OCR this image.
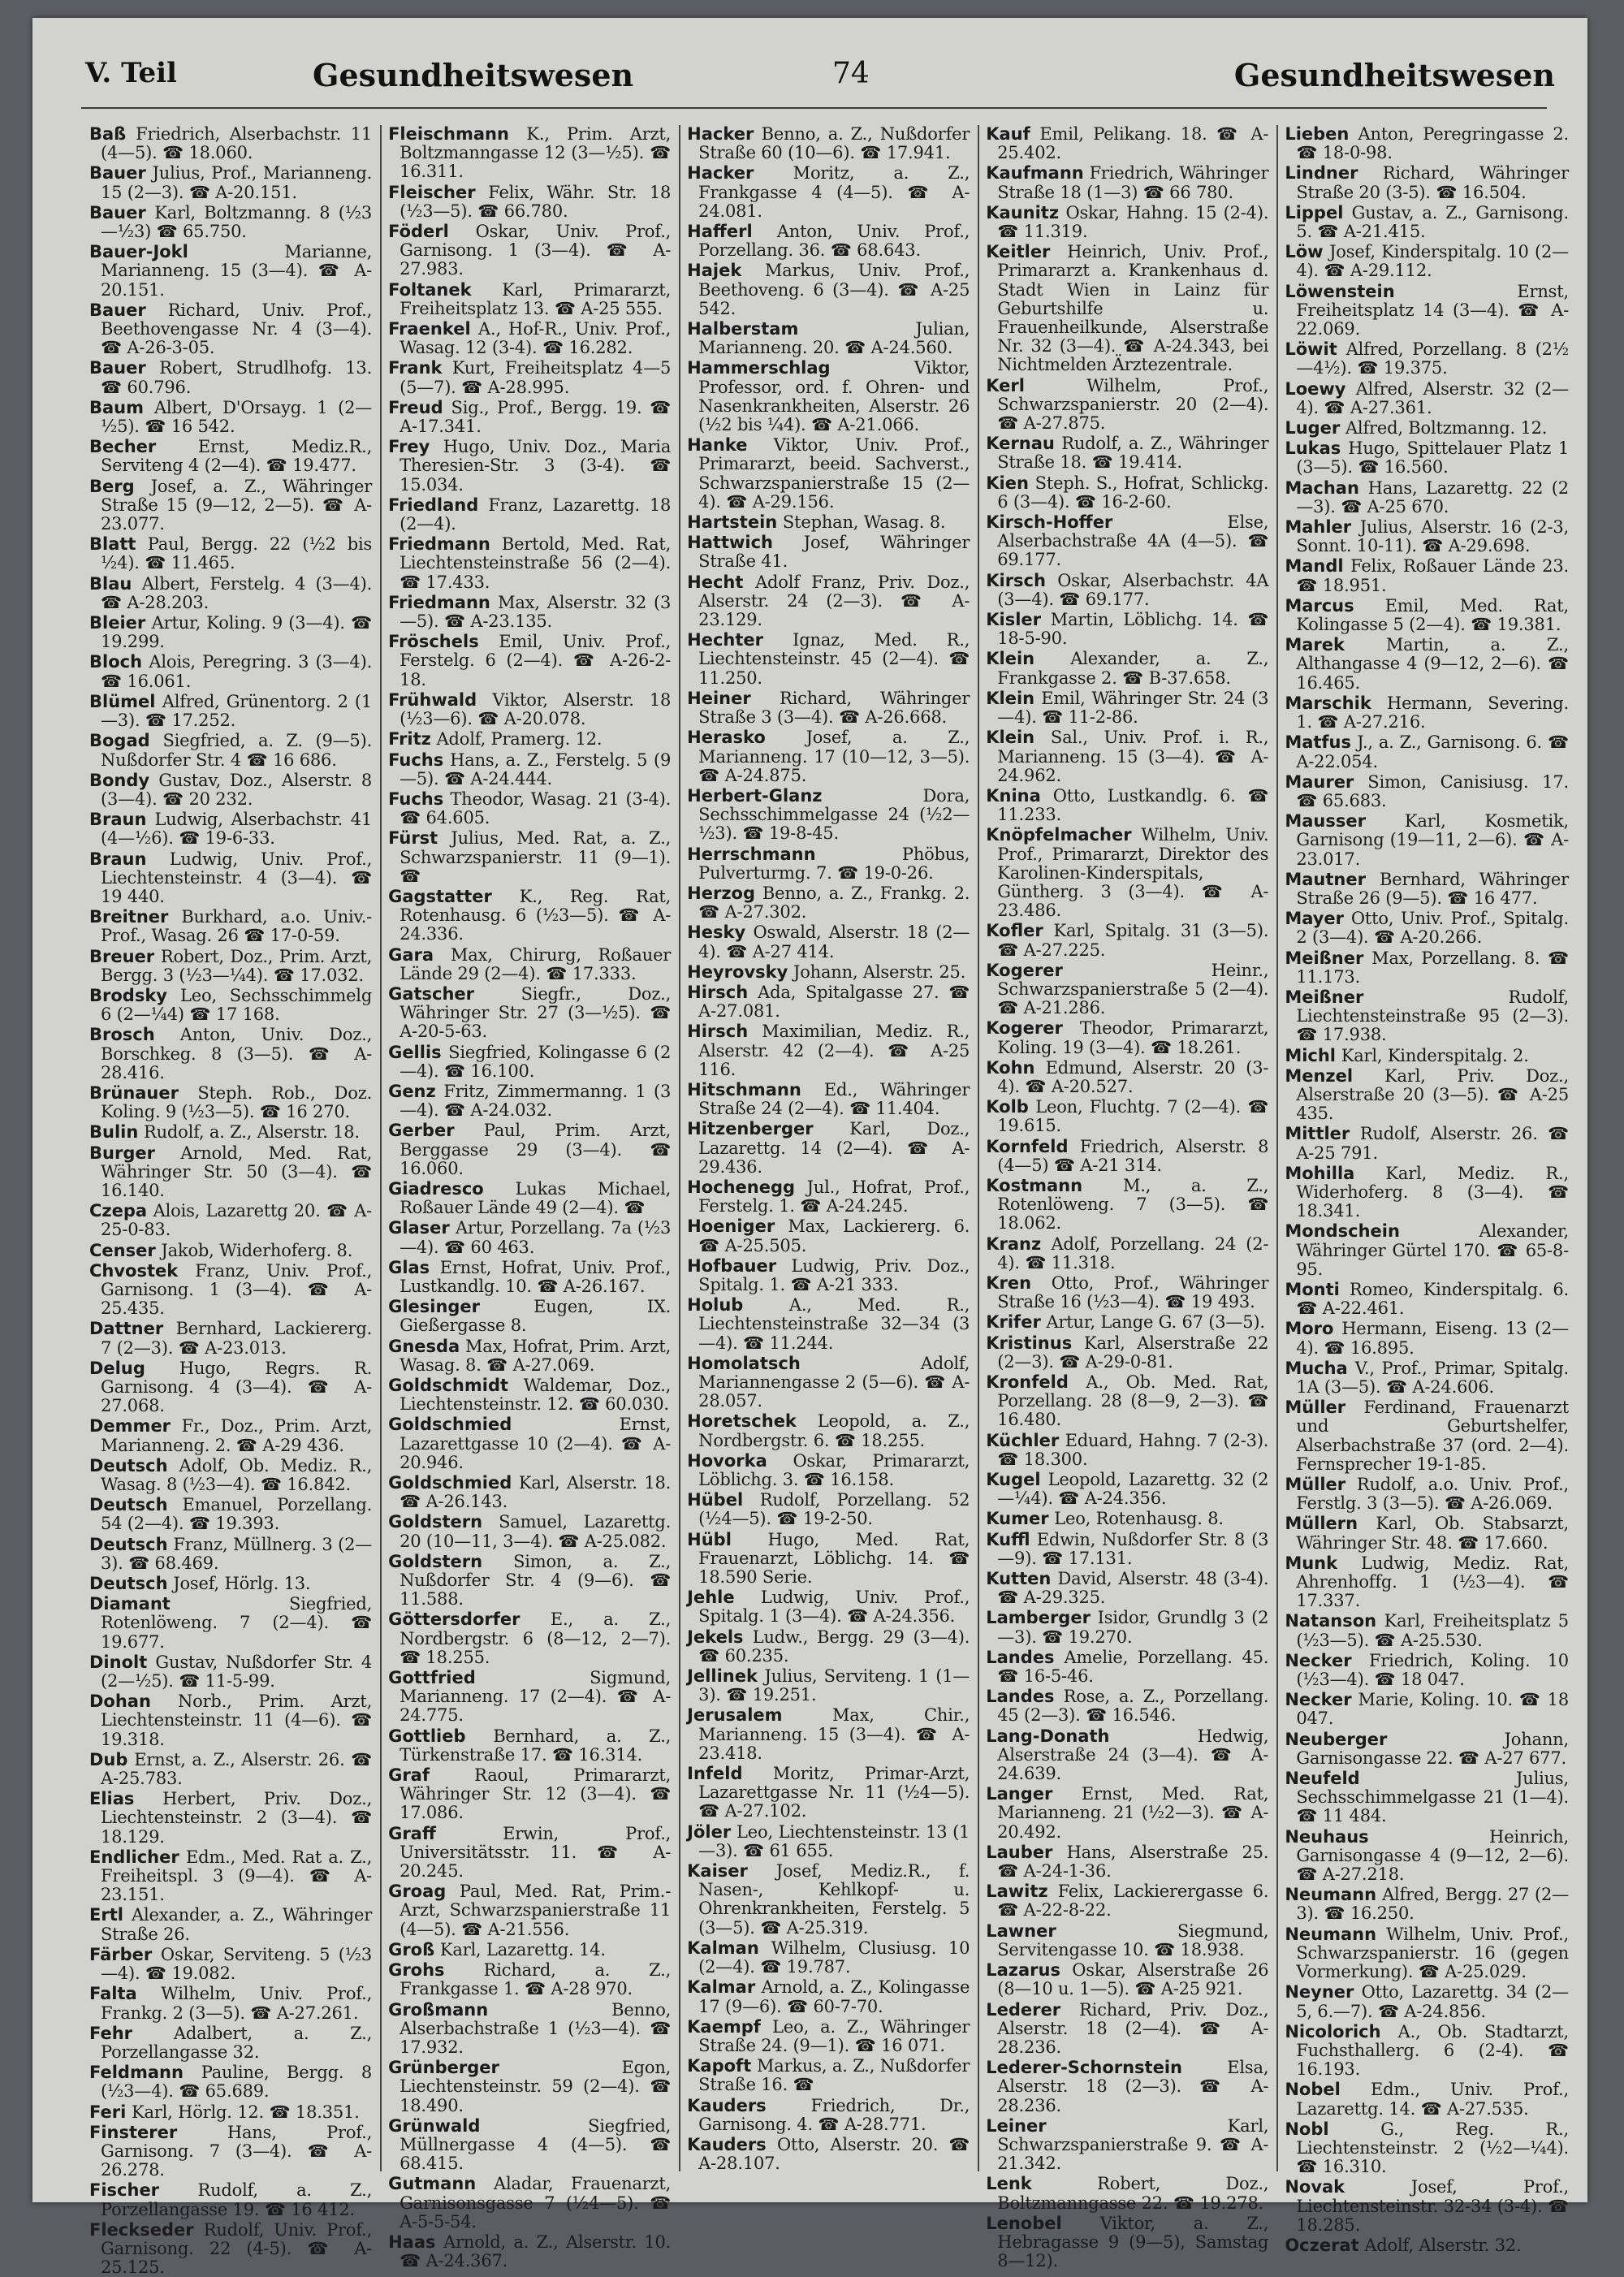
V. Teil	Gesundheitswesen	74	Gesundheitswesen
Baß Friedrich, Alserbachstr. 11 (4—5). ☎ 18.060.
Bauer Julius, Prof., Marianneng. 15 (2—3). ☎ A-20.151.
Bauer Karl, Boltzmanng. 8 (½3—½3) ☎ 65.750.
Bauer-Jokl	Marianne, Marianneng. 15 (3—4). ☎ A-20.151.
Bauer Richard, Univ. Prof., Beethovengasse Nr. 4 (3—4). ☎ A-26-3-05.
Bauer Robert, Strudlhofg. 13. ☎ 60.796.
Baum Albert, D'Orsayg. 1 (2—½5). ☎ 16 542.
Becher Ernst, Mediz.R., Servitеng 4 (2—4). ☎ 19.477.
Berg Josef, a. Z., Währinger Straße 15 (9—12, 2—5). ☎ A-23.077.
Blatt Paul, Bergg. 22 (½2 bis ½4). ☎ 11.465.
Blau Albert, Ferstelg. 4 (3—4). ☎ A-28.203.
Bleier Artur, Koling. 9 (3—4). ☎ 19.299.
Bloch Alois, Peregring. 3 (3—4). ☎ 16.061.
Blümel Alfred, Grünentorg. 2 (1—3). ☎ 17.252.
Bogad Siegfried, a. Z. (9—5). Nußdorfer Str. 4 ☎ 16 686.
Bondy Gustav, Doz., Alserstr. 8 (3—4). ☎ 20 232.
Braun Ludwig, Alserbachstr. 41 (4—½6). ☎ 19-6-33.
Braun Ludwig, Univ. Prof., Liechtensteinstr. 4 (3—4). ☎ 19 440.
Breitner Burkhard, a.o. Univ.-Prof., Wasag. 26 ☎ 17-0-59.
Breuer Robert, Doz., Prim. Arzt, Bergg. 3 (½3—¼4). ☎ 17.032.
Brodsky Leo, Sechsschimmelg 6 (2—¼4) ☎ 17 168.
Brosch Anton, Univ. Doz., Borschkeg. 8 (3—5). ☎ A-28.416.
Brünauer Steph. Rob., Doz. Koling. 9 (½3—5). ☎ 16 270.
Bulin Rudolf, a. Z., Alserstr. 18.
Burger Arnold, Med. Rat, Währinger Str. 50 (3—4). ☎ 16.140.
Czepa Alois, Lazarettg 20. ☎ A-25-0-83.
Censer Jakob, Widerhoferg. 8.
Chvostek Franz, Univ. Prof., Garnisong. 1 (3—4). ☎ A-25.435.
Dattner Bernhard, Lackiererg. 7 (2—3). ☎ A-23.013.
Delug Hugo, Regrs. R. Garnisong. 4 (3—4). ☎ A-27.068.
Demmer Fr., Doz., Prim. Arzt, Marianneng. 2. ☎ A-29 436.
Deutsch Adolf, Ob. Mediz. R., Wasag. 8 (½3—4). ☎ 16.842.
Deutsch Emanuel, Porzellang. 54 (2—4). ☎ 19.393.
Deutsch Franz, Müllnerg. 3 (2—3). ☎ 68.469.
Deutsch Josef, Hörlg. 13.
Diamant	Siegfried, Rotenlöweng. 7 (2—4). ☎ 19.677.
Dinolt Gustav, Nußdorfer Str. 4 (2—½5). ☎ 11-5-99.
Dohan Norb., Prim. Arzt, Liechtensteinstr. 11 (4—6). ☎ 19.318.
Dub Ernst, a. Z., Alserstr. 26. ☎ A-25.783.
Elias Herbert, Priv. Doz., Liechtensteinstr. 2 (3—4). ☎ 18.129.
Endlicher Edm., Med. Rat a. Z., Freiheitspl. 3 (9—4). ☎ A-23.151.
Ertl Alexander, a. Z., Währinger Straße 26.
Färber Oskar, Serviteng. 5 (½3—4). ☎ 19.082.
Falta Wilhelm, Univ. Prof., Frankg. 2 (3—5). ☎ A-27.261.
Fehr Adalbert, a. Z., Porzellangasse 32.
Feldmann Pauline, Bergg. 8 (½3—4). ☎ 65.689.
Feri Karl, Hörlg. 12. ☎ 18.351.
Finsterer	Hans, Prof., Garnisong. 7 (3—4). ☎ A-26.278.
Fischer Rudolf, a. Z., Porzellangasse 19. ☎ 16 412.
Fleckseder Rudolf, Univ. Prof., Garnisong. 22 (4-5). ☎ A-25.125.
Fleischmann K., Prim. Arzt, Boltzmanngasse 12 (3—½5). ☎ 16.311.
Fleischer Felix, Währ. Str. 18 (½3—5). ☎ 66.780.
Föderl Oskar, Univ. Prof., Garnisong. 1 (3—4). ☎ A-27.983.
Foltanek Karl, Primararzt, Freiheitsplatz 13. ☎ A-25 555.
Fraenkel A., Hof-R., Univ. Prof., Wasag. 12 (3-4). ☎ 16.282.
Frank Kurt, Freiheitsplatz 4—5 (5—7). ☎ A-28.995.
Freud Sig., Prof., Bergg. 19. ☎ A-17.341.
Frey Hugo, Univ. Doz., Maria Theresien-Str. 3 (3-4). ☎ 15.034.
Friedland Franz, Lazarettg. 18 (2—4).
Friedmann Bertold, Med. Rat, Liechtensteinstraße 56 (2—4). ☎ 17.433.
Friedmann Max, Alserstr. 32 (3—5). ☎ A-23.135.
Fröschels Emil, Univ. Prof., Ferstelg. 6 (2—4). ☎ A-26-2-18.
Frühwald Viktor, Alserstr. 18 (½3—6). ☎ A-20.078.
Fritz Adolf, Pramerg. 12.
Fuchs Hans, a. Z., Ferstelg. 5 (9—5). ☎ A-24.444.
Fuchs Theodor, Wasag. 21 (3-4). ☎ 64.605.
Fürst Julius, Med. Rat, a. Z., Schwarzspanierstr. 11 (9—1). ☎
Gagstatter K., Reg. Rat, Rotenhausg. 6 (½3—5). ☎ A-24.336.
Gara Max, Chirurg, Roßauer Lände 29 (2—4). ☎ 17.333.
Gatscher	Siegfr., Doz., Währinger Str. 27 (3—½5). ☎ A-20-5-63.
Gellis Siegfried, Kolingasse 6 (2—4). ☎ 16.100.
Genz Fritz, Zimmermanng. 1 (3—4). ☎ A-24.032.
Gerber Paul, Prim. Arzt, Berggasse 29 (3—4). ☎ 16.060.
Giadresco Lukas Michael, Roßauer Lände 49 (2—4). ☎
Glaser Artur, Porzellang. 7a (½3—4). ☎ 60 463.
Glas Ernst, Hofrat, Univ. Prof., Lustkandlg. 10. ☎ A-26.167.
Glesinger	Eugen, IX. Gießergasse 8.
Gnesda Max, Hofrat, Prim. Arzt, Wasag. 8. ☎ A-27.069.
Goldschmidt Waldemar, Doz., Liechtensteinstr. 12. ☎ 60.030.
Goldschmied	Ernst, Lazarettgasse 10 (2—4). ☎ A-20.946.
Goldschmied Karl, Alserstr. 18. ☎ A-26.143.
Goldstern Samuel, Lazarettg. 20 (10—11, 3—4). ☎ A-25.082.
Goldstern Simon, a. Z., Nußdorfer Str. 4 (9—6). ☎ 11.588.
Göttersdorfer E., a. Z., Nordbergstr. 6 (8—12, 2—7). ☎ 18.255.
Gottfried	Sigmund, Marianneng. 17 (2—4). ☎ A-24.775.
Gottlieb Bernhard, a. Z., Türkenstraße 17. ☎ 16.314.
Graf	Raoul, Primararzt, Währinger Str. 12 (3—4). ☎ 17.086.
Graff	Erwin, Prof., Universitätsstr. 11. ☎ A-20.245.
Groag Paul, Med. Rat, Prim.-Arzt, Schwarzspanierstraße 11 (4—5). ☎ A-21.556.
Groß Karl, Lazarettg. 14.
Grohs Richard, a. Z., Frankgasse 1. ☎ A-28 970.
Großmann	Benno, Alserbachstraße 1 (½3—4). ☎ 17.932.
Grünberger	Egon, Liechtensteinstr. 59 (2—4). ☎ 18.490.
Grünwald	Siegfried, Müllnergasse 4 (4—5). ☎ 68.415.
Gutmann Aladar, Frauenarzt, Garnisonsgasse 7 (½4—5). ☎ A-5-5-54.
Haas Arnold, a. Z., Alserstr. 10. ☎ A-24.367.
Hacker Benno, a. Z., Nußdorfer Straße 60 (10—6). ☎ 17.941.
Hacker Moritz, a. Z., Frankgasse 4 (4—5). ☎ A-24.081.
Hafferl Anton, Univ. Prof., Porzellang. 36. ☎ 68.643.
Hajek Markus, Univ. Prof., Beethoveng. 6 (3—4). ☎ A-25 542.
Halberstam	Julian, Marianneng. 20. ☎ A-24.560.
Hammerschlag	Viktor, Professor, ord. f. Ohren- und Nasenkrankheiten, Alserstr. 26 (½2 bis ¼4). ☎ A-21.066.
Hanke Viktor, Univ. Prof., Primararzt, beeid. Sachverst., Schwarzspanierstraße 15 (2—4). ☎ A-29.156.
Hartstein Stephan, Wasag. 8.
Hattwich Josef, Währinger Straße 41.
Hecht Adolf Franz, Priv. Doz., Alserstr. 24 (2—3). ☎ A-23.129.
Hechter Ignaz, Med. R., Liechtensteinstr. 45 (2—4). ☎ 11.250.
Heiner Richard, Währinger Straße 3 (3—4). ☎ A-26.668.
Herasko Josef, a. Z., Marianneng. 17 (10—12, 3—5). ☎ A-24.875.
Herbert-Glanz	Dora, Sechsschimmelgasse 24 (½2—½3). ☎ 19-8-45.
Herrschmann	Phöbus, Pulverturmg. 7. ☎ 19-0-26.
Herzog Benno, a. Z., Frankg. 2. ☎ A-27.302.
Hesky Oswald, Alserstr. 18 (2—4). ☎ A-27 414.
Heyrovsky Johann, Alserstr. 25.
Hirsch Ada, Spitalgasse 27. ☎ A-27.081.
Hirsch Maximilian, Mediz. R., Alserstr. 42 (2—4). ☎ A-25 116.
Hitschmann Ed., Währinger Straße 24 (2—4). ☎ 11.404.
Hitzenberger Karl, Doz., Lazarettg. 14 (2—4). ☎ A-29.436.
Hochenegg Jul., Hofrat, Prof., Ferstelg. 1. ☎ A-24.245.
Hoeniger Max, Lackiererg. 6. ☎ A-25.505.
Hofbauer Ludwig, Priv. Doz., Spitalg. 1. ☎ A-21 333.
Holub	A., Med. R., Liechtensteinstraße 32—34 (3—4). ☎ 11.244.
Homolatsch	Adolf, Mariannengasse 2 (5—6). ☎ A-28.057.
Horetschek Leopold, a. Z., Nordbergstr. 6. ☎ 18.255.
Hovorka Oskar, Primararzt, Löblichg. 3. ☎ 16.158.
Hübel Rudolf, Porzellang. 52 (½4—5). ☎ 19-2-50.
Hübl Hugo, Med. Rat, Frauenarzt, Löblichg. 14. ☎ 18.590 Serie.
Jehle Ludwig, Univ. Prof., Spitalg. 1 (3—4). ☎ A-24.356.
Jekels Ludw., Bergg. 29 (3—4). ☎ 60.235.
Jellinek Julius, Serviteng. 1 (1—3). ☎ 19.251.
Jerusalem	Max, Chir., Marianneng. 15 (3—4). ☎ A-23.418.
Infeld Moritz, Primar-Arzt, Lazarettgasse Nr. 11 (½4—5). ☎ A-27.102.
Jöler Leo, Liechtensteinstr. 13 (1—3). ☎ 61 655.
Kaiser Josef, Mediz.R., f. Nasen-, Kehlkopf- u. Ohrenkrankheiten, Ferstelg. 5 (3—5). ☎ A-25.319.
Kalman Wilhelm, Clusiusg. 10 (2—4). ☎ 19.787.
Kalmar Arnold, a. Z., Kolingasse 17 (9—6). ☎ 60-7-70.
Kaempf Leo, a. Z., Währinger Straße 24. (9—1). ☎ 16 071.
Kapoft Markus, a. Z., Nußdorfer Straße 16. ☎
Kauders	Friedrich, Dr., Garnisong. 4. ☎ A-28.771.
Kauders Otto, Alserstr. 20. ☎ A-28.107.
Kauf Emil, Pelikang. 18. ☎ A-25.402.
Kaufmann Friedrich, Währinger Straße 18 (1—3) ☎ 66 780.
Kaunitz Oskar, Hahng. 15 (2-4). ☎ 11.319.
Keitler Heinrich, Univ. Prof., Primararzt a. Krankenhaus d. Stadt Wien in Lainz für Geburtshilfe u. Frauenheilkunde, Alserstraße Nr. 32 (3—4). ☎ A-24.343, bei Nichtmelden Ärztezentrale.
Kerl	Wilhelm, Prof., Schwarzspanierstr. 20 (2—4). ☎ A-27.875.
Kernau Rudolf, a. Z., Währinger Straße 18. ☎ 19.414.
Kien Steph. S., Hofrat, Schlickg. 6 (3—4). ☎ 16-2-60.
Kirsch-Hoffer	Else, Alserbachstraße 4A (4—5). ☎ 69.177.
Kirsch Oskar, Alserbachstr. 4A (3—4). ☎ 69.177.
Kisler Martin, Löblichg. 14. ☎ 18-5-90.
Klein Alexander, a. Z., Frankgasse 2. ☎ B-37.658.
Klein Emil, Währinger Str. 24 (3—4). ☎ 11-2-86.
Klein Sal., Univ. Prof. i. R., Marianneng. 15 (3—4). ☎ A-24.962.
Knina Otto, Lustkandlg. 6. ☎ 11.233.
Knöpfelmacher Wilhelm, Univ. Prof., Primararzt, Direktor des Karolinen-Kinderspitals, Güntherg. 3 (3—4). ☎ A-23.486.
Kofler Karl, Spitalg. 31 (3—5). ☎ A-27.225.
Kogerer	Heinr., Schwarzspanierstraße 5 (2—4). ☎ A-21.286.
Kogerer Theodor, Primararzt, Koling. 19 (3—4). ☎ 18.261.
Kohn Edmund, Alserstr. 20 (3-4). ☎ A-20.527.
Kolb Leon, Fluchtg. 7 (2—4). ☎ 19.615.
Kornfeld Friedrich, Alserstr. 8 (4—5) ☎ A-21 314.
Kostmann M., a. Z., Rotenlöweng. 7 (3—5). ☎ 18.062.
Kranz Adolf, Porzellang. 24 (2-4). ☎ 11.318.
Kren Otto, Prof., Währinger Straße 16 (½3—4). ☎ 19 493.
Krifer Artur, Lange G. 67 (3—5).
Kristinus Karl, Alserstraße 22 (2—3). ☎ A-29-0-81.
Kronfeld A., Ob. Med. Rat, Porzellang. 28 (8—9, 2—3). ☎ 16.480.
Küchler Eduard, Hahng. 7 (2-3). ☎ 18.300.
Kugel Leopold, Lazarettg. 32 (2—¼4). ☎ A-24.356.
Kumer Leo, Rotenhausg. 8.
Kuffl Edwin, Nußdorfer Str. 8 (3—9). ☎ 17.131.
Kutten David, Alserstr. 48 (3-4). ☎ A-29.325.
Lamberger Isidor, Grundlg 3 (2—3). ☎ 19.270.
Landes Amelie, Porzellang. 45. ☎ 16-5-46.
Landes Rose, a. Z., Porzellang. 45 (2—3). ☎ 16.546.
Lang-Donath	Hedwig, Alserstraße 24 (3—4). ☎ A-24.639.
Langer Ernst, Med. Rat, Marianneng. 21 (½2—3). ☎ A-20.492.
Lauber Hans, Alserstraße 25. ☎ A-24-1-36.
Lawitz Felix, Lackierergasse 6. ☎ A-22-8-22.
Lawner	Siegmund, Servitengasse 10. ☎ 18.938.
Lazarus Oskar, Alserstraße 26 (8—10 u. 1—5). ☎ A-25 921.
Lederer Richard, Priv. Doz., Alserstr. 18 (2—4). ☎ A-28.236.
Lederer-Schornstein	Elsa, Alserstr. 18 (2—3). ☎ A-28.236.
Leiner	Karl, Schwarzspanierstraße 9. ☎ A-21.342.
Lenk	Robert, Doz., Boltzmanngasse 22. ☎ 19.278.
Lenobel Viktor, a. Z., Hebragasse 9 (9—5), Samstag 8—12).
Lieben Anton, Peregringasse 2. ☎ 18-0-98.
Lindner Richard, Währinger Straße 20 (3-5). ☎ 16.504.
Lippel Gustav, a. Z., Garnisong. 5. ☎ A-21.415.
Löw Josef, Kinderspitalg. 10 (2—4). ☎ A-29.112.
Löwenstein	Ernst, Freiheitsplatz 14 (3—4). ☎ A-22.069.
Löwit Alfred, Porzellang. 8 (2½—4½). ☎ 19.375.
Loewy Alfred, Alserstr. 32 (2—4). ☎ A-27.361.
Luger Alfred, Boltzmanng. 12.
Lukas Hugo, Spittelauer Platz 1 (3—5). ☎ 16.560.
Machan Hans, Lazarettg. 22 (2—3). ☎ A-25 670.
Mahler Julius, Alserstr. 16 (2-3, Sonnt. 10-11). ☎ A-29.698.
Mandl Felix, Roßauer Lände 23. ☎ 18.951.
Marcus Emil, Med. Rat, Kolingasse 5 (2—4). ☎ 19.381.
Marek Martin, a. Z., Althangasse 4 (9—12, 2—6). ☎ 16.465.
Marschik Hermann, Severing. 1. ☎ A-27.216.
Matfus J., a. Z., Garnisong. 6. ☎ A-22.054.
Maurer Simon, Canisiusg. 17. ☎ 65.683.
Mausser Karl, Kosmetik, Garnisong (19—11, 2—6). ☎ A-23.017.
Mautner Bernhard, Währinger Straße 26 (9—5). ☎ 16 477.
Mayer Otto, Univ. Prof., Spitalg. 2 (3—4). ☎ A-20.266.
Meißner Max, Porzellang. 8. ☎ 11.173.
Meißner	Rudolf, Liechtensteinstraße 95 (2—3). ☎ 17.938.
Michl Karl, Kinderspitalg. 2.
Menzel Karl, Priv. Doz., Alserstraße 20 (3—5). ☎ A-25 435.
Mittler Rudolf, Alserstr. 26. ☎ A-25 791.
Mohilla Karl, Mediz. R., Widerhoferg. 8 (3—4). ☎ 18.341.
Mondschein	Alexander, Währinger Gürtel 170. ☎ 65-8-95.
Monti Romeo, Kinderspitalg. 6. ☎ A-22.461.
Moro Hermann, Eiseng. 13 (2—4). ☎ 16.895.
Mucha V., Prof., Primar, Spitalg. 1A (3—5). ☎ A-24.606.
Müller Ferdinand, Frauenarzt und Geburtshelfer, Alserbachstraße 37 (ord. 2—4). Fernsprecher 19-1-85.
Müller Rudolf, a.o. Univ. Prof., Ferstlg. 3 (3—5). ☎ A-26.069.
Müllern Karl, Ob. Stabsarzt, Währinger Str. 48. ☎ 17.660.
Munk Ludwig, Mediz. Rat, Ahrenhoffg. 1 (½3—4). ☎ 17.337.
Natanson Karl, Freiheitsplatz 5 (½3—5). ☎ A-25.530.
Necker Friedrich, Koling. 10 (½3—4). ☎ 18 047.
Necker Marie, Koling. 10. ☎ 18 047.
Neuberger	Johann, Garnisongasse 22. ☎ A-27 677.
Neufeld	Julius, Sechsschimmelgasse 21 (1—4). ☎ 11 484.
Neuhaus	Heinrich, Garnisongasse 4 (9—12, 2—6). ☎ A-27.218.
Neumann Alfred, Bergg. 27 (2—3). ☎ 16.250.
Neumann Wilhelm, Univ. Prof., Schwarzspanierstr. 16 (gegen Vormerkung). ☎ A-25.029.
Neyner Otto, Lazarettg. 34 (2—5, 6.—7). ☎ A-24.856.
Nicolorich A., Ob. Stadtarzt, Fuchsthallerg. 6 (2-4). ☎ 16.193.
Nobel Edm., Univ. Prof., Lazarettg. 14. ☎ A-27.535.
Nobl	G., Reg. R., Liechtensteinstr. 2 (½2—¼4). ☎ 16.310.
Novak	Josef, Prof., Liechtensteinstr. 32-34 (3-4). ☎ 18.285.
Oczerat Adolf, Alserstr. 32.
